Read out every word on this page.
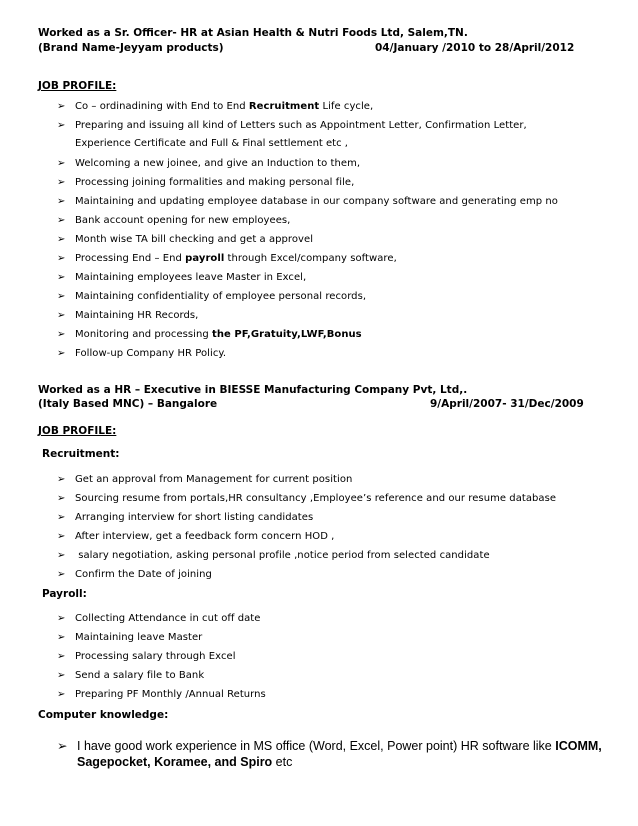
Worked as a Sr. Officer- HR at Asian Health & Nutri Foods Ltd, Salem,TN.
(Brand Name-Jeyyam products)	04/January /2010 to 28/April/2012
JOB PROFILE:
➢ Co – ordinadining with End to End Recruitment Life cycle,
➢ Preparing and issuing all kind of Letters such as Appointment Letter, Confirmation Letter,
➢ Welcoming a new joinee, and give an Induction to them,
➢ Processing joining formalities and making personal file,
➢ Maintaining and updating employee database in our company software and generating emp no
➢ Bank account opening for new employees,
➢ Month wise TA bill checking and get a approvel
➢ Processing End – End payroll through Excel/company software,
➢ Maintaining employees leave Master in Excel,
➢ Maintaining confidentiality of employee personal records,
➢ Maintaining HR Records,
➢ Monitoring and processing the PF,Gratuity,LWF,Bonus
➢ Follow-up Company HR Policy.
Experience Certificate and Full & Final settlement etc ,
Worked as a HR – Executive in BIESSE Manufacturing Company Pvt, Ltd,.
(Italy Based MNC) – Bangalore	9/April/2007- 31/Dec/2009
JOB PROFILE:
Recruitment:
➢ Get an approval from Management for current position
➢ Sourcing resume from portals,HR consultancy ,Employee’s reference and our resume database
➢ Arranging interview for short listing candidates
➢ After interview, get a feedback form concern HOD ,
➢ salary negotiation, asking personal profile ,notice period from selected candidate
➢ Confirm the Date of joining
Payroll:
➢ Collecting Attendance in cut off date
➢ Maintaining leave Master
➢ Processing salary through Excel
➢ Send a salary file to Bank
➢ Preparing PF Monthly /Annual Returns
Computer knowledge:
➢ I have good work experience in MS office (Word, Excel, Power point) HR software like ICOMM,
Sagepocket, Koramee, and Spiro etc
